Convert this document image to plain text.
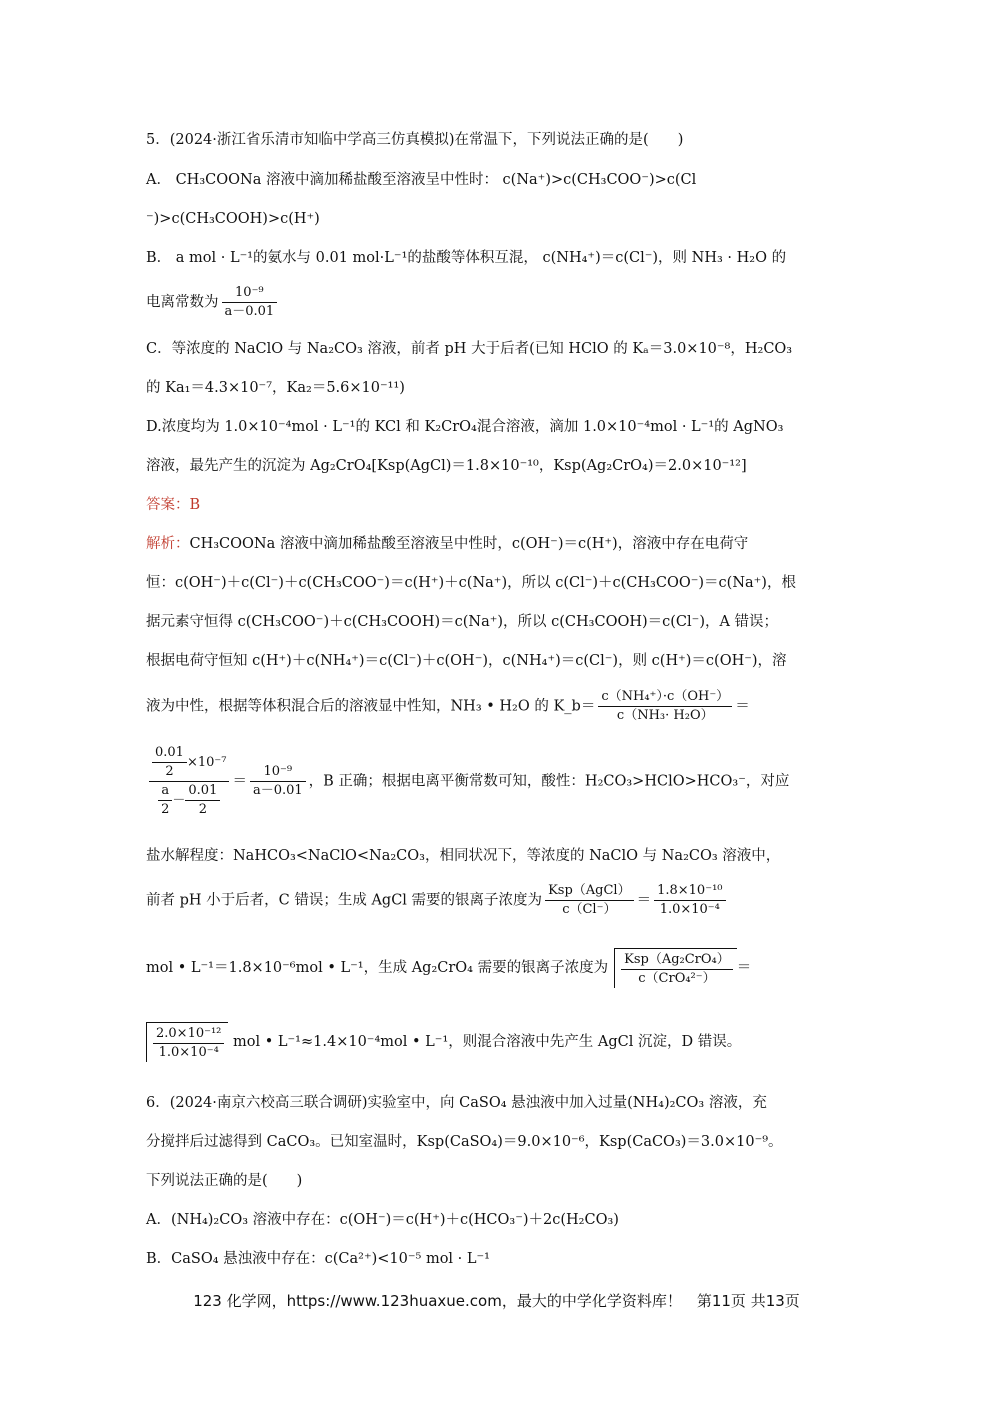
5．(2024·浙江省乐清市知临中学高三仿真模拟)在常温下，下列说法正确的是(　　)
A． CH₃COONa 溶液中滴加稀盐酸至溶液呈中性时： c(Na⁺)>c(CH₃COO⁻)>c(Cl
⁻)>c(CH₃COOH)>c(H⁺)
B． a mol · L⁻¹的氨水与 0.01 mol·L⁻¹的盐酸等体积互混， c(NH₄⁺)＝c(Cl⁻)，则 NH₃ · H₂O 的
电离常数为 $\frac{\text{10⁻⁹}}{a-0.01}$
C．等浓度的 NaClO 与 Na₂CO₃ 溶液，前者 pH 大于后者(已知 HClO 的 Kₐ＝3.0×10⁻⁸，H₂CO₃
的 Ka₁＝4.3×10⁻⁷，Ka₂＝5.6×10⁻¹¹)
D.浓度均为 1.0×10⁻⁴mol · L⁻¹的 KCl 和 K₂CrO₄混合溶液，滴加 1.0×10⁻⁴mol · L⁻¹的 AgNO₃
溶液，最先产生的沉淀为 Ag₂CrO₄[Ksp(AgCl)＝1.8×10⁻¹⁰，Ksp(Ag₂CrO₄)＝2.0×10⁻¹²]
答案：B
解析：CH₃COONa 溶液中滴加稀盐酸至溶液呈中性时，c(OH⁻)＝c(H⁺)，溶液中存在电荷守
恒：c(OH⁻)＋c(Cl⁻)＋c(CH₃COO⁻)＝c(H⁺)＋c(Na⁺)，所以 c(Cl⁻)＋c(CH₃COO⁻)＝c(Na⁺)，根
据元素守恒得 c(CH₃COO⁻)＋c(CH₃COOH)＝c(Na⁺)，所以 c(CH₃COOH)＝c(Cl⁻)，A 错误；
根据电荷守恒知 c(H⁺)＋c(NH₄⁺)＝c(Cl⁻)＋c(OH⁻)，c(NH₄⁺)＝c(Cl⁻)，则 c(H⁺)＝c(OH⁻)，溶
液为中性，根据等体积混合后的溶液显中性知，NH₃ • H₂O 的 K_b＝ $\frac{\text{c（NH₄⁺）·c（OH⁻）}}{\text{c（NH₃· H₂O）}}$ ＝
$\frac{\frac{0.01}{2} \times 10^{-7}}{\frac{a}{2} - \frac{0.01}{2}} = \frac{\text{10⁻⁹}}{a-0.01}$ ，B 正确；根据电离平衡常数可知，酸性：H₂CO₃>HClO>HCO₃⁻，对应
盐水解程度：NaHCO₃<NaClO<Na₂CO₃，相同状况下，等浓度的 NaClO 与 Na₂CO₃ 溶液中，
前者 pH 小于后者，C 错误；生成 AgCl 需要的银离子浓度为 $\frac{\text{Ksp（AgCl）}}{c(Cl^-)} = \frac{\text{1.8×10⁻¹⁰}}{\text{1.0×10⁻⁴}}$
mol • L⁻¹＝1.8×10⁻⁶mol • L⁻¹，生成 Ag₂CrO₄ 需要的银离子浓度为 $\frac{\text{Ksp（Ag₂CrO₄）}}{\text{c（CrO₄²⁻）}}$ ＝
$\frac{\text{2.0×10⁻¹²}}{\text{1.0×10⁻⁴}}$ mol • L⁻¹≈1.4×10⁻⁴mol • L⁻¹，则混合溶液中先产生 AgCl 沉淀，D 错误。
6．(2024·南京六校高三联合调研)实验室中，向 CaSO₄ 悬浊液中加入过量(NH₄)₂CO₃ 溶液，充
分搅拌后过滤得到 CaCO₃。已知室温时，Ksp(CaSO₄)＝9.0×10⁻⁶，Ksp(CaCO₃)＝3.0×10⁻⁹。
下列说法正确的是(　　)
A．(NH₄)₂CO₃ 溶液中存在：c(OH⁻)＝c(H⁺)＋c(HCO₃⁻)＋2c(H₂CO₃)
B．CaSO₄ 悬浊液中存在：c(Ca²⁺)<10⁻⁵ mol · L⁻¹
123 化学网，https://www.123huaxue.com，最大的中学化学资料库！　第11页 共13页
